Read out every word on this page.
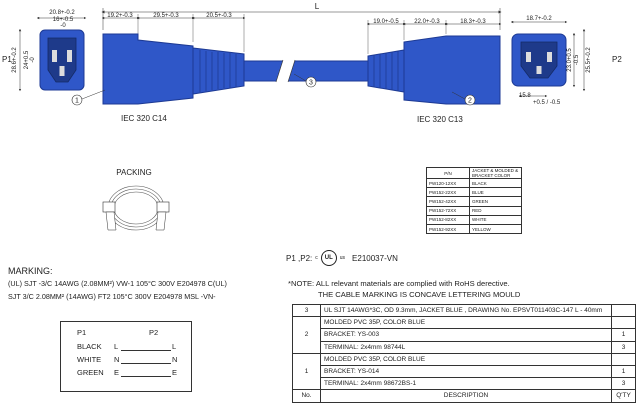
L
P1
20.8+-0.2
16+-0.5
-0
28.6+-0.2 24+0.5 -0
19.2+-0.3	29.5+-0.3	20.5+-0.3
1
3
19.0+-0.5	22.0+-0.3	18.3+-0.3
2
18.7+-0.2
23.0+0.5 -0.5 25.5+-0.2	P2
15.8
+0.5 / -0.5
IEC 320 C14	IEC 320 C13
PACKING	P/N	JACKET & MOLDED & BRACKET COLOR
PW120-12XX	BLACK
PW152-22XX	BLUE
PW152-42XX	GREEN
PW152-72XX	RED
PW152-82XX	WHITE
PW152-92XX	YELLOW
P1 ,P2: c	UL	us E210037-VN
MARKING:
(UL) SJT -3/C 14AWG (2.08MM²) VW-1 105°C 300V E204978 C(UL)
SJT 3/C 2.08MM² (14AWG) FT2 105°C 300V E204978 MSL -VN-
*NOTE: ALL relevant materials are complied with RoHS derective.
THE CABLE MARKING IS CONCAVE LETTERING MOULD
P1	P2
BLACK L	L
WHITE N	N
GREEN E	E
3	UL SJT 14AWG*3C, OD 9.3mm, JACKET BLUE , DRAWING No. EPSVT011403C-147 L - 40mm	
2	MOLDED PVC 35P, COLOR BLUE	
	BRACKET: YS-003	1
	TERMINAL: 2x4mm 98744L	3
1	MOLDED PVC 35P, COLOR BLUE	
	BRACKET: YS-014	1
	TERMINAL: 2x4mm 98672BS-1	3
No.	DESCRIPTION	Q'TY
